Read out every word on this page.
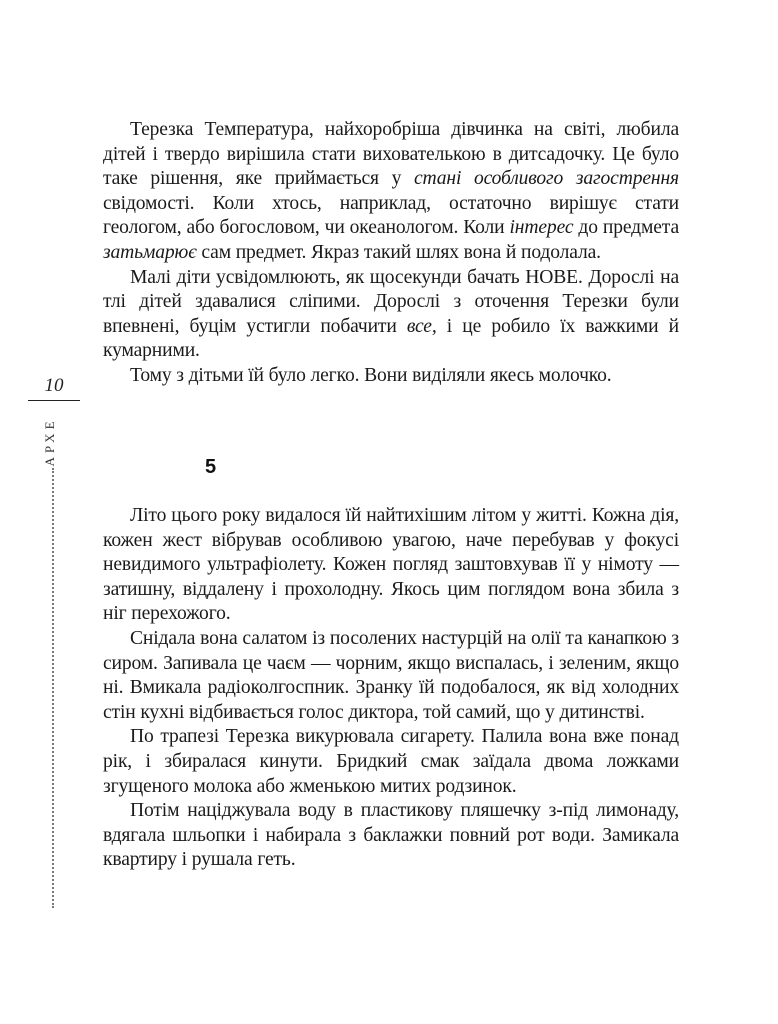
10
АРХЕ

Терезка Температура, найхоробріша дівчинка на світі, любила дітей і твердо вирішила стати вихователькою в дитсадочку. Це було таке рішення, яке приймається у стані особливого загострення свідомості. Коли хтось, наприклад, остаточно вирішує стати геологом, або богословом, чи океанологом. Коли інтерес до предмета затьмарює сам предмет. Якраз такий шлях вона й подолала.

Малі діти усвідомлюють, як щосекунди бачать НОВЕ. Дорослі на тлі дітей здавалися сліпими. Дорослі з оточення Терезки були впевнені, буцім устигли побачити все, і це робило їх важкими й кумарними.

Тому з дітьми їй було легко. Вони виділяли якесь молочко.

5

Літо цього року видалося їй найтихішим літом у житті. Кожна дія, кожен жест вібрував особливою увагою, наче перебував у фокусі невидимого ультрафіолету. Кожен погляд заштовхував її у німоту — затишну, віддалену і прохолодну. Якось цим поглядом вона збила з ніг перехожого.

Снідала вона салатом із посолених настурцій на олії та канапкою з сиром. Запивала це чаєм — чорним, якщо виспалась, і зеленим, якщо ні. Вмикала радіоколгоспник. Зранку їй подобалося, як від холодних стін кухні відбивається голос диктора, той самий, що у дитинстві.

По трапезі Терезка викурювала сигарету. Палила вона вже понад рік, і збиралася кинути. Бридкий смак заїдала двома ложками згущеного молока або жменькою митих родзинок.

Потім націджувала воду в пластикову пляшечку з-під лимонаду, вдягала шльопки і набирала з баклажки повний рот води. Замикала квартиру і рушала геть.
